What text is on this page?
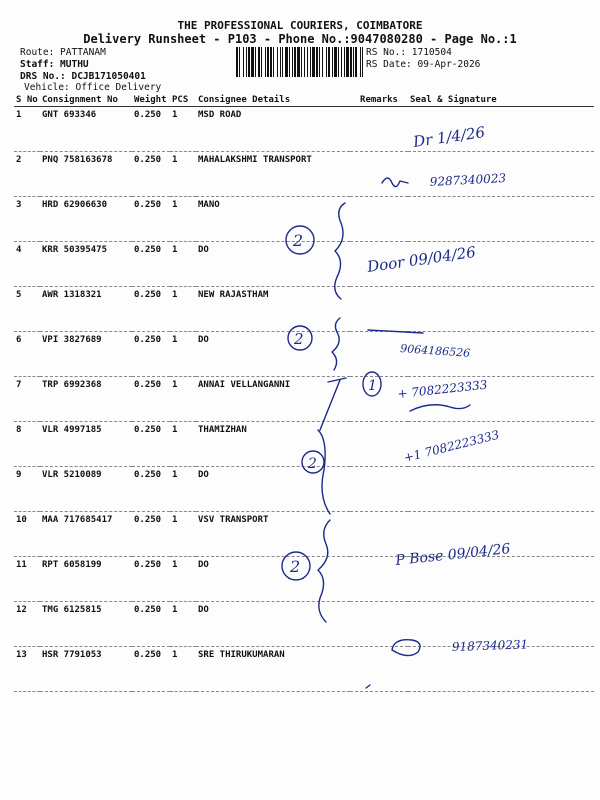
THE PROFESSIONAL COURIERS, COIMBATORE
Delivery Runsheet - P103 - Phone No.:9047080280 - Page No.:1
Route: PATTANAM
Staff: MUTHU
DRS No.: DCJB171050401
Vehicle: Office Delivery
RS No.: 1710504
RS Date: 09-Apr-2026
S No	Consignment No	Weight	PCS	Consignee Details	Remarks	Seal & Signature
1	GNT 693346	0.250	1	MSD ROAD		
2	PNQ 758163678	0.250	1	MAHALAKSHMI TRANSPORT		
3	HRD 62906630	0.250	1	MANO		
4	KRR 50395475	0.250	1	DO		
5	AWR 1318321	0.250	1	NEW RAJASTHAM		
6	VPI 3827689	0.250	1	DO		
7	TRP 6992368	0.250	1	ANNAI VELLANGANNI		
8	VLR 4997185	0.250	1	THAMIZHAN		
9	VLR 5210089	0.250	1	DO		
10	MAA 717685417	0.250	1	VSV TRANSPORT		
11	RPT 6058199	0.250	1	DO		
12	TMG 6125815	0.250	1	DO		
13	HSR 7791053	0.250	1	SRE THIRUKUMARAN		
Dr 1/4/26
9287340023
2
Door 09/04/26
2
9064186526
1 + 7082223333
+1 7082223333
2
2	P Bose 09/04/26
9187340231
